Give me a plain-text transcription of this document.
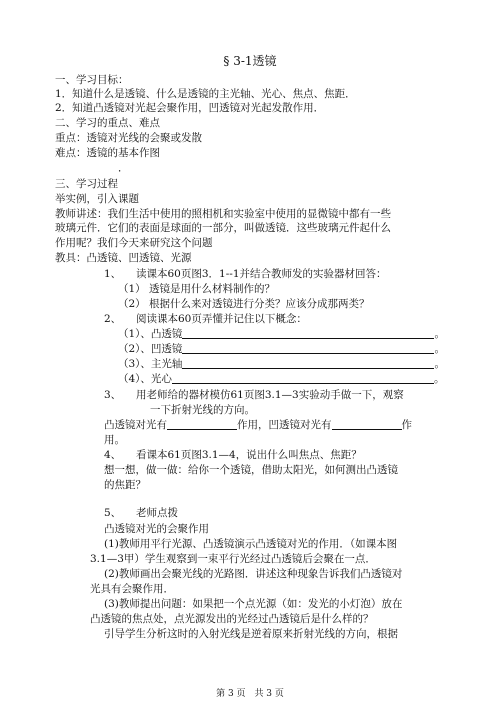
§ 3-1透镜
一、学习目标：
1．知道什么是透镜、什么是透镜的主光轴、光心、焦点、焦距．
2．知道凸透镜对光起会聚作用，凹透镜对光起发散作用．
二、学习的重点、难点
重点：透镜对光线的会聚或发散
难点：透镜的基本作图
．
三、学习过程
举实例，引入课题
教师讲述：我们生活中使用的照相机和实验室中使用的显微镜中都有一些
玻璃元件．它们的表面是球面的一部分，叫做透镜．这些玻璃元件起什么
作用呢？我们今天来研究这个问题
教具：凸透镜、凹透镜、光源
1、 读课本60页图3．1--1并结合教师发的实验器材回答：
（1） 透镜是用什么材料制作的？
（2） 根据什么来对透镜进行分类？应该分成那两类？
2、 阅读课本60页弄懂并记住以下概念：
（1）、凸透镜	。
（2）、凹透镜	。
（3）、主光轴	。
（4）、光心	。
3、 用老师给的器材模仿61页图3.1—3实验动手做一下，观察
一下折射光线的方向。
凸透镜对光有	作用，凹透镜对光有	作
用。
4、 看课本61页图3.1—4，说出什么叫焦点、焦距？
想一想，做一做：给你一个透镜，借助太阳光，如何测出凸透镜
的焦距？
5、 老师点拨
凸透镜对光的会聚作用
(1)教师用平行光源、凸透镜演示凸透镜对光的作用．（如课本图
3.1—3甲）学生观察到一束平行光经过凸透镜后会聚在一点．
(2)教师画出会聚光线的光路图．讲述这种现象告诉我们凸透镜对
光具有会聚作用．
(3)教师提出问题：如果把一个点光源（如：发光的小灯泡）放在
凸透镜的焦点处，点光源发出的光经过凸透镜后是什么样的？
引导学生分析这时的入射光线是逆着原来折射光线的方向，根据
第 3 页 共 3 页
